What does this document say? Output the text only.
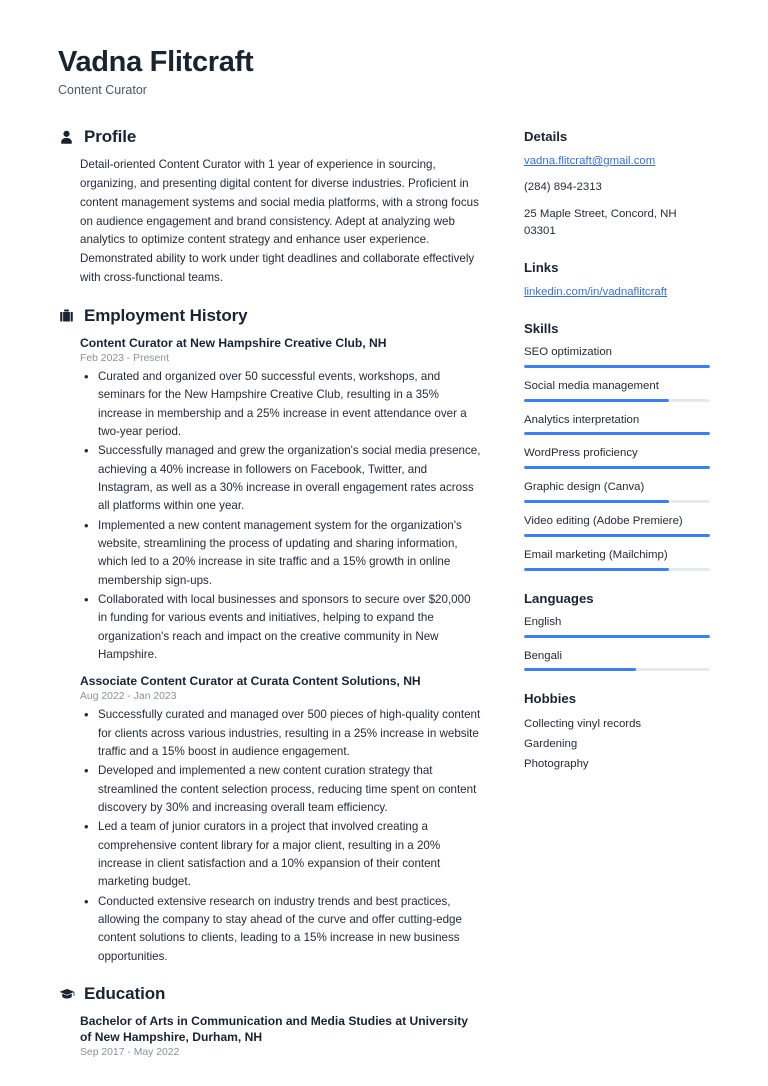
Vadna Flitcraft
Content Curator
Profile
Detail-oriented Content Curator with 1 year of experience in sourcing, organizing, and presenting digital content for diverse industries. Proficient in content management systems and social media platforms, with a strong focus on audience engagement and brand consistency. Adept at analyzing web analytics to optimize content strategy and enhance user experience. Demonstrated ability to work under tight deadlines and collaborate effectively with cross-functional teams.
Employment History
Content Curator at New Hampshire Creative Club, NH
Feb 2023 - Present
• Curated and organized over 50 successful events, workshops, and seminars for the New Hampshire Creative Club, resulting in a 35% increase in membership and a 25% increase in event attendance over a two-year period.
• Successfully managed and grew the organization's social media presence, achieving a 40% increase in followers on Facebook, Twitter, and Instagram, as well as a 30% increase in overall engagement rates across all platforms within one year.
• Implemented a new content management system for the organization's website, streamlining the process of updating and sharing information, which led to a 20% increase in site traffic and a 15% growth in online membership sign-ups.
• Collaborated with local businesses and sponsors to secure over $20,000 in funding for various events and initiatives, helping to expand the organization's reach and impact on the creative community in New Hampshire.
Associate Content Curator at Curata Content Solutions, NH
Aug 2022 - Jan 2023
• Successfully curated and managed over 500 pieces of high-quality content for clients across various industries, resulting in a 25% increase in website traffic and a 15% boost in audience engagement.
• Developed and implemented a new content curation strategy that streamlined the content selection process, reducing time spent on content discovery by 30% and increasing overall team efficiency.
• Led a team of junior curators in a project that involved creating a comprehensive content library for a major client, resulting in a 20% increase in client satisfaction and a 10% expansion of their content marketing budget.
• Conducted extensive research on industry trends and best practices, allowing the company to stay ahead of the curve and offer cutting-edge content solutions to clients, leading to a 15% increase in new business opportunities.
Education
Bachelor of Arts in Communication and Media Studies at University of New Hampshire, Durham, NH
Sep 2017 - May 2022
Details
vadna.flitcraft@gmail.com
(284) 894-2313
25 Maple Street, Concord, NH 03301
Links
linkedin.com/in/vadnaflitcraft
Skills
SEO optimization
Social media management
Analytics interpretation
WordPress proficiency
Graphic design (Canva)
Video editing (Adobe Premiere)
Email marketing (Mailchimp)
Languages
English
Bengali
Hobbies
Collecting vinyl records
Gardening
Photography
